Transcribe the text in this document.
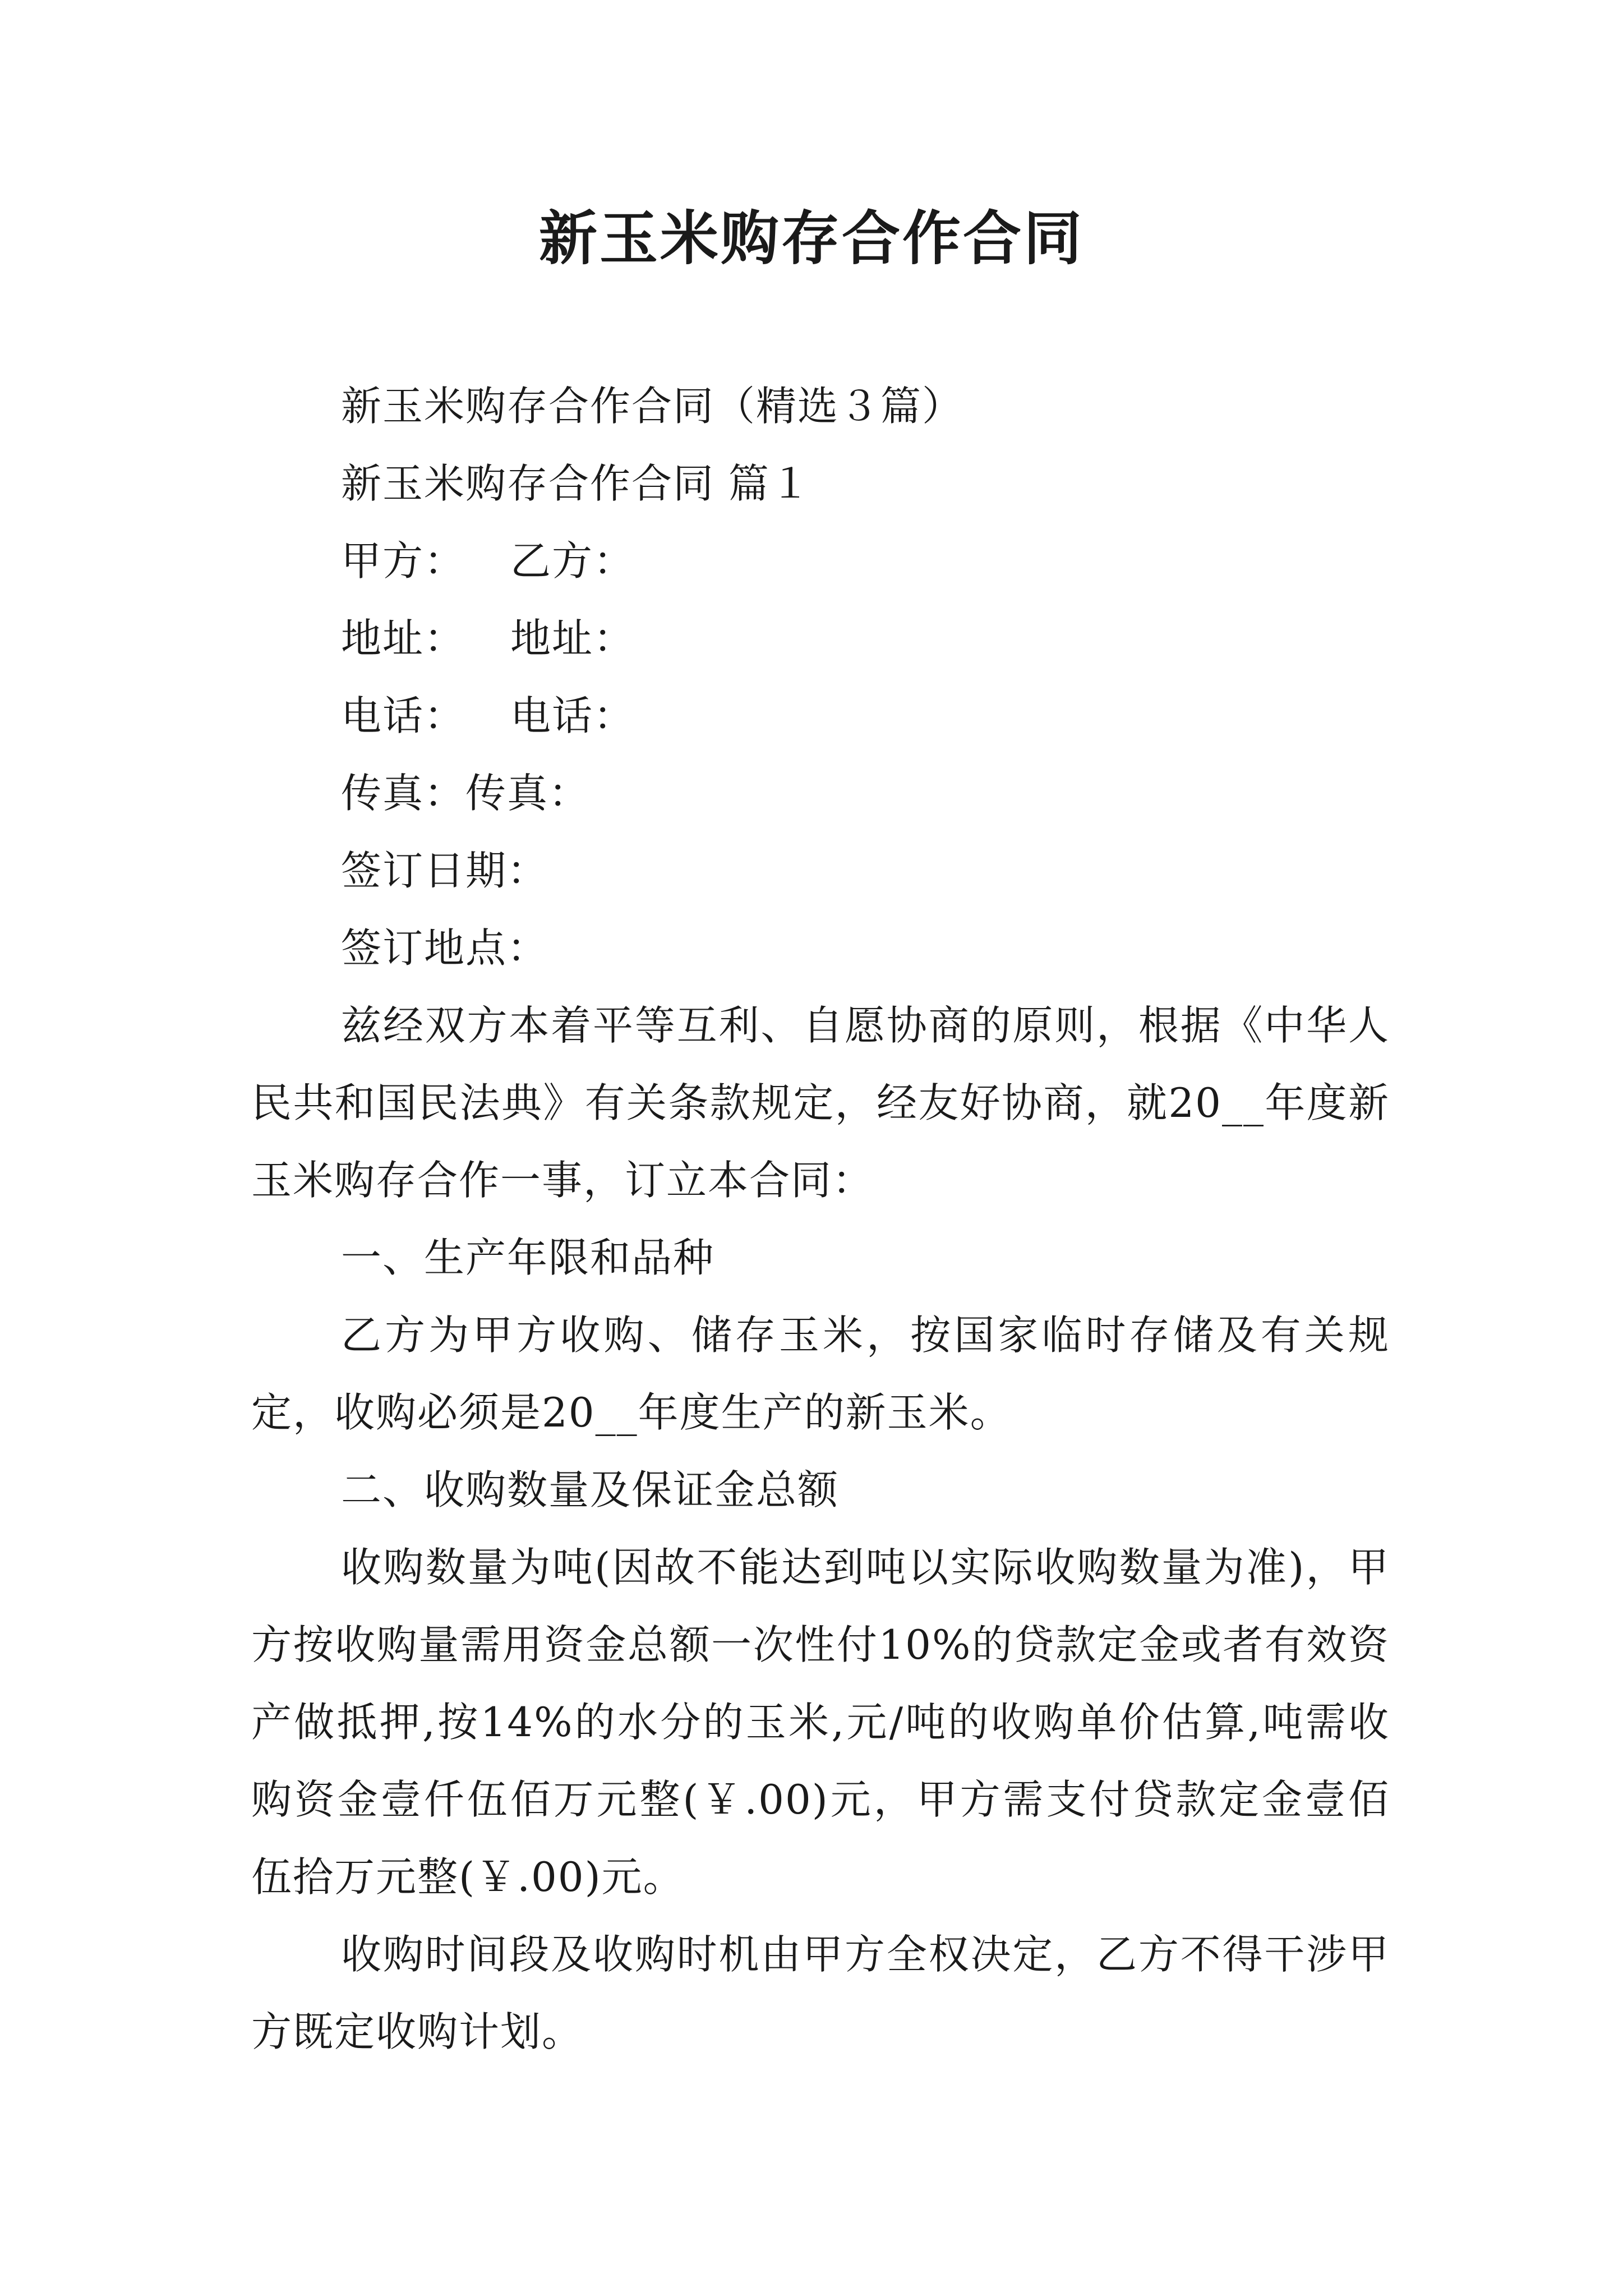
新玉米购存合作合同

新玉米购存合作合同（精选３篇）

新玉米购存合作合同 篇１

甲方： 乙方：

地址： 地址：

电话： 电话：

传真：传真：

签订日期：

签订地点：

兹经双方本着平等互利、自愿协商的原则，根据《中华人民共和国民法典》有关条款规定，经友好协商，就20__年度新玉米购存合作一事，订立本合同：

一、生产年限和品种

乙方为甲方收购、储存玉米，按国家临时存储及有关规定，收购必须是20__年度生产的新玉米。

二、收购数量及保证金总额

收购数量为吨(因故不能达到吨以实际收购数量为准)，甲方按收购量需用资金总额一次性付10%的贷款定金或者有效资产做抵押,按14%的水分的玉米,元/吨的收购单价估算,吨需收购资金壹仟伍佰万元整(￥.00)元，甲方需支付贷款定金壹佰伍拾万元整(￥.00)元。

收购时间段及收购时机由甲方全权决定，乙方不得干涉甲方既定收购计划。
